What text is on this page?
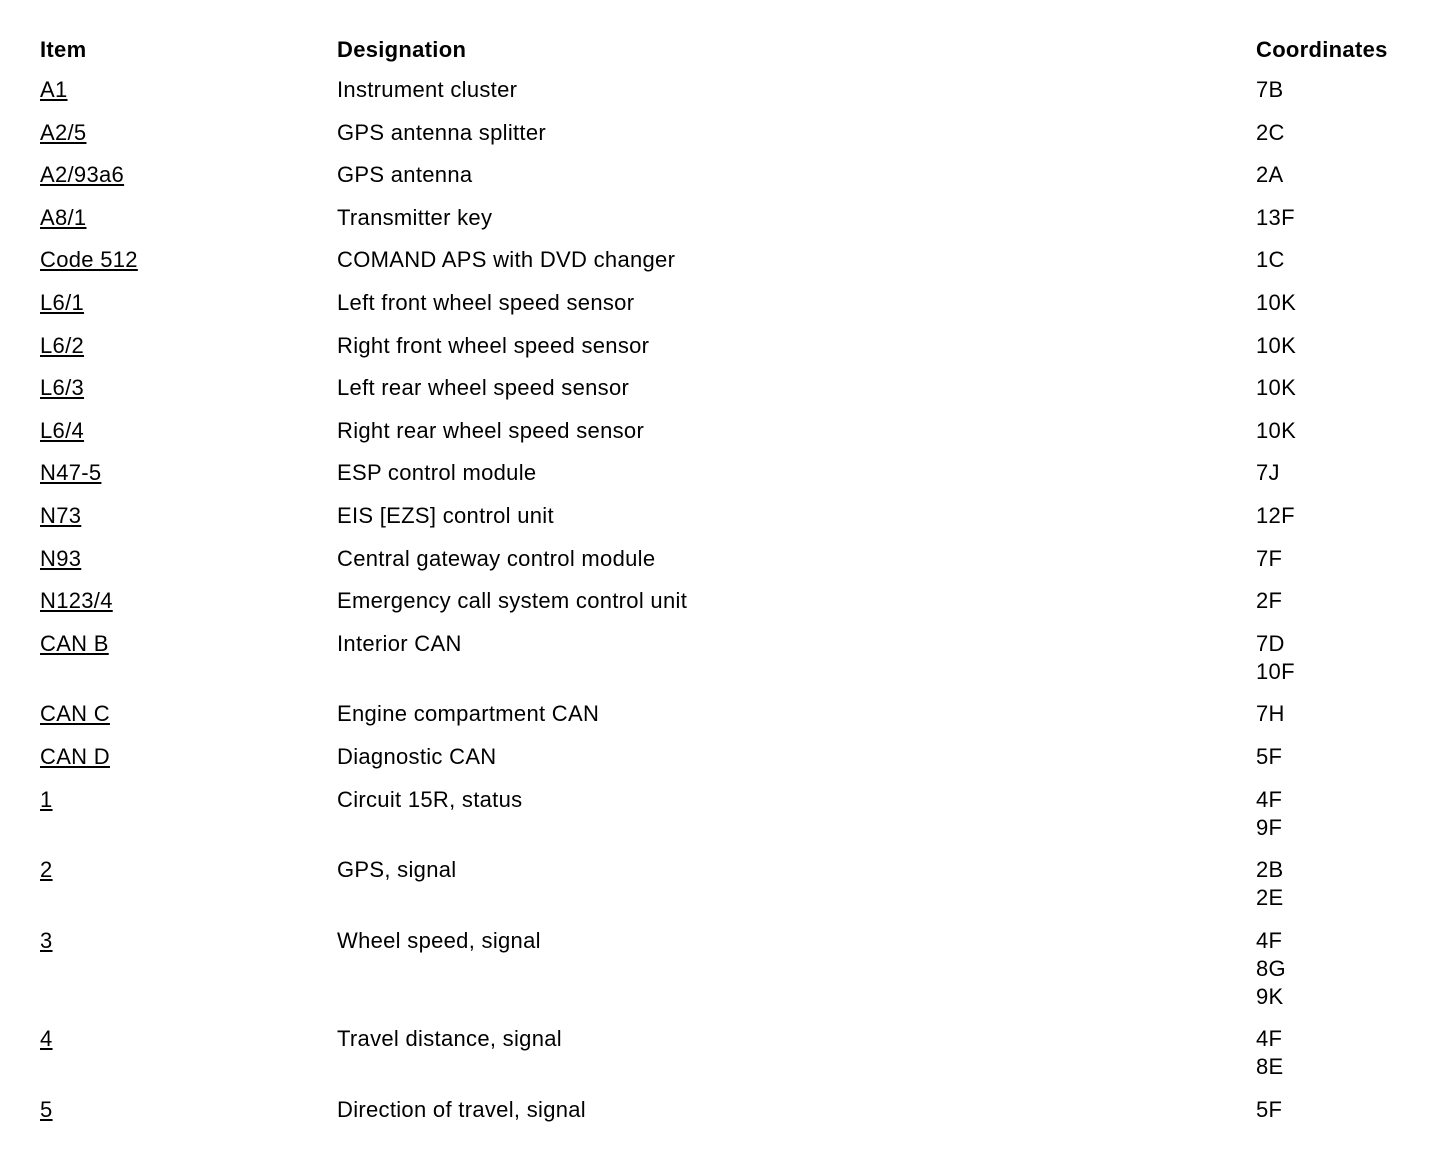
Item	Designation	Coordinates
A1	Instrument cluster	7B

A2/5	GPS antenna splitter	2C

A2/93a6	GPS antenna	2A

A8/1	Transmitter key	13F

Code 512	COMAND APS with DVD changer	1C

L6/1	Left front wheel speed sensor	10K

L6/2	Right front wheel speed sensor	10K

L6/3	Left rear wheel speed sensor	10K

L6/4	Right rear wheel speed sensor	10K

N47-5	ESP control module	7J

N73	EIS [EZS] control unit	12F

N93	Central gateway control module	7F

N123/4	Emergency call system control unit	2F

CAN B	Interior CAN	7D
10F

CAN C	Engine compartment CAN	7H

CAN D	Diagnostic CAN	5F

1	Circuit 15R, status	4F
9F

2	GPS, signal	2B
2E

3	Wheel speed, signal	4F
8G
9K

4	Travel distance, signal	4F
8E

5	Direction of travel, signal	5F
